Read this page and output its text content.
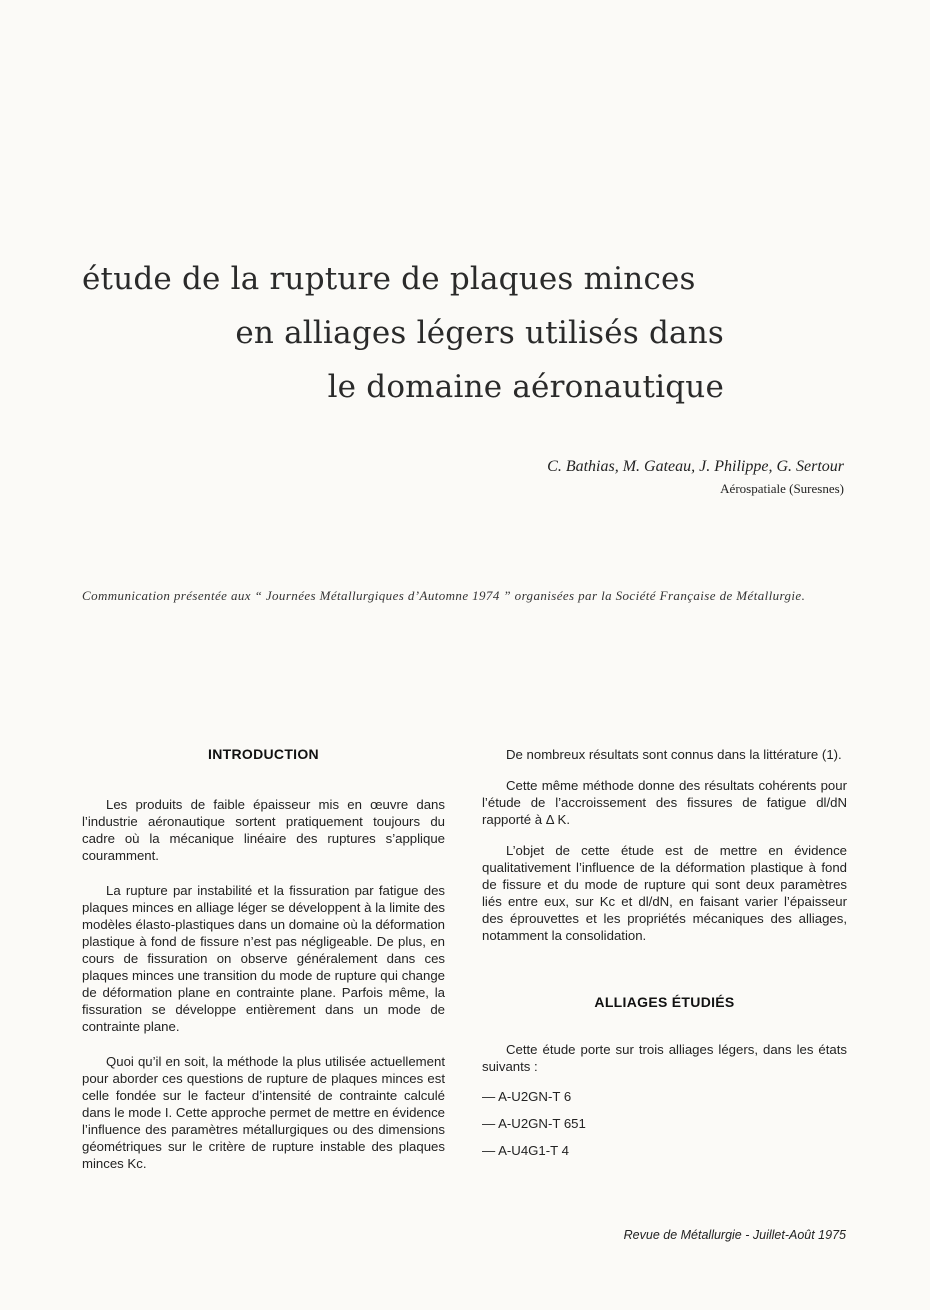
étude de la rupture de plaques minces
en alliages légers utilisés dans
le domaine aéronautique
C. Bathias, M. Gateau, J. Philippe, G. Sertour
Aérospatiale (Suresnes)
Communication présentée aux “ Journées Métallurgiques d’Automne 1974 ” organisées par la Société Française de Métallurgie.
INTRODUCTION

Les produits de faible épaisseur mis en œuvre dans l’industrie aéronautique sortent pratiquement toujours du cadre où la mécanique linéaire des ruptures s’applique couramment.

La rupture par instabilité et la fissuration par fatigue des plaques minces en alliage léger se développent à la limite des modèles élasto-plastiques dans un domaine où la déformation plastique à fond de fissure n’est pas négligeable. De plus, en cours de fissuration on observe généralement dans ces plaques minces une transition du mode de rupture qui change de déformation plane en contrainte plane. Parfois même, la fissuration se développe entièrement dans un mode de contrainte plane.

Quoi qu’il en soit, la méthode la plus utilisée actuellement pour aborder ces questions de rupture de plaques minces est celle fondée sur le facteur d’intensité de contrainte calculé dans le mode I. Cette approche permet de mettre en évidence l’influence des paramètres métallurgiques ou des dimensions géométriques sur le critère de rupture instable des plaques minces Kc.

De nombreux résultats sont connus dans la littérature (1).

Cette même méthode donne des résultats cohérents pour l’étude de l’accroissement des fissures de fatigue dl/dN rapporté à Δ K.

L’objet de cette étude est de mettre en évidence qualitativement l’influence de la déformation plastique à fond de fissure et du mode de rupture qui sont deux paramètres liés entre eux, sur Kc et dl/dN, en faisant varier l’épaisseur des éprouvettes et les propriétés mécaniques des alliages, notamment la consolidation.

ALLIAGES ÉTUDIÉS

Cette étude porte sur trois alliages légers, dans les états suivants :

— A-U2GN-T 6
— A-U2GN-T 651
— A-U4G1-T 4
Revue de Métallurgie - Juillet-Août 1975
